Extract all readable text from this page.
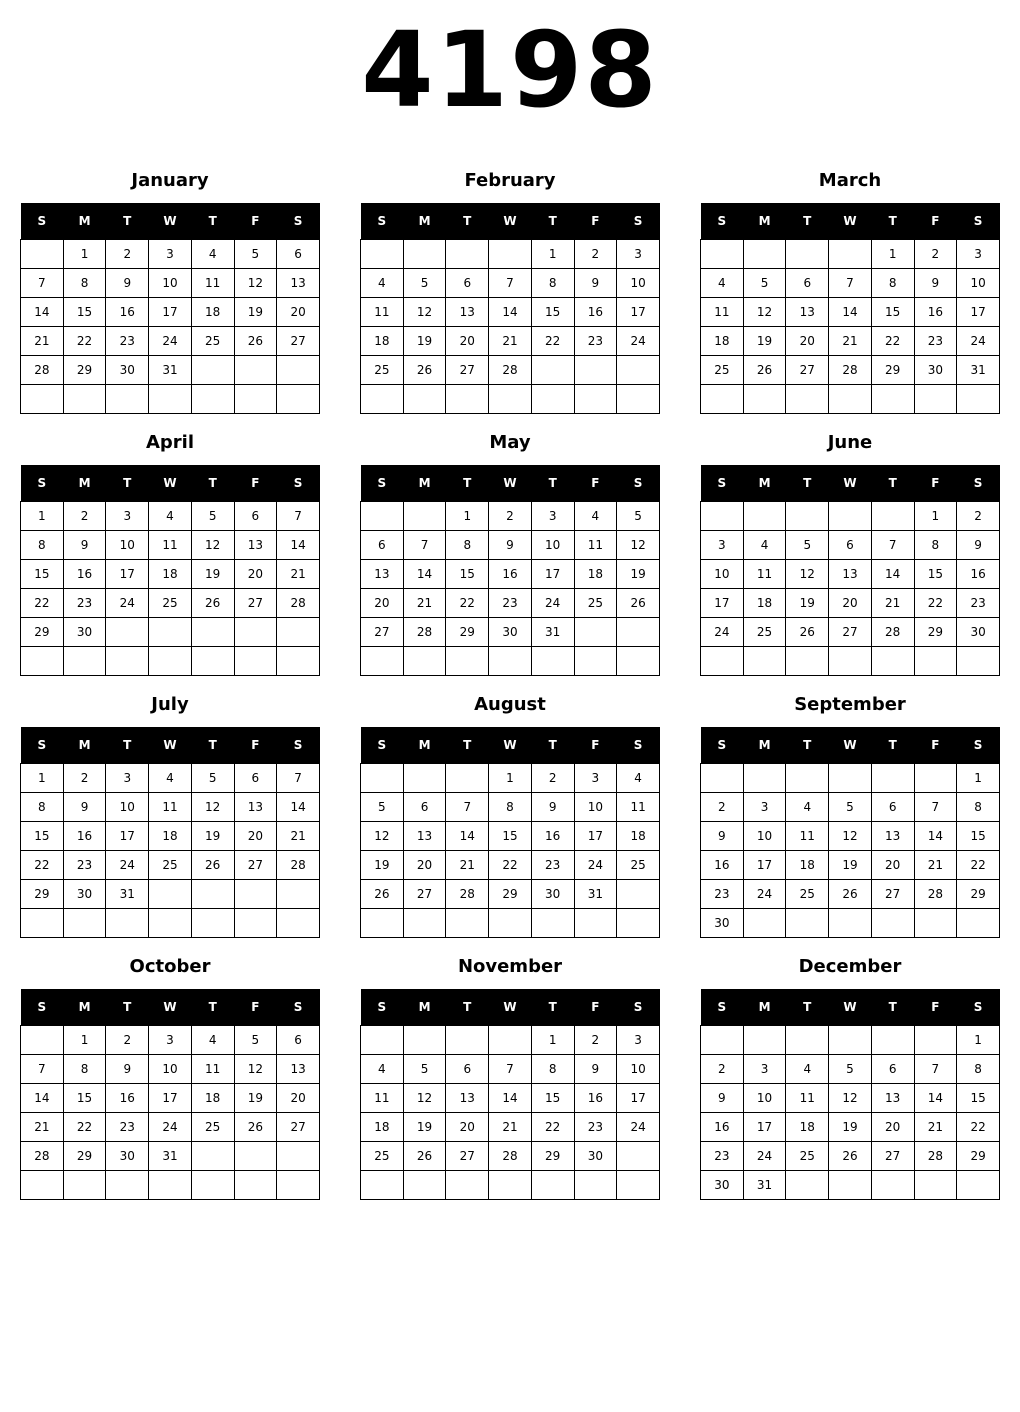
4198
January
S	M	T	W	T	F	S
	1	2	3	4	5	6
7	8	9	10	11	12	13
14	15	16	17	18	19	20
21	22	23	24	25	26	27
28	29	30	31			

February
S	M	T	W	T	F	S
				1	2	3
4	5	6	7	8	9	10
11	12	13	14	15	16	17
18	19	20	21	22	23	24
25	26	27	28			

March
S	M	T	W	T	F	S
				1	2	3
4	5	6	7	8	9	10
11	12	13	14	15	16	17
18	19	20	21	22	23	24
25	26	27	28	29	30	31

April
S	M	T	W	T	F	S
1	2	3	4	5	6	7
8	9	10	11	12	13	14
15	16	17	18	19	20	21
22	23	24	25	26	27	28
29	30					

May
S	M	T	W	T	F	S
		1	2	3	4	5
6	7	8	9	10	11	12
13	14	15	16	17	18	19
20	21	22	23	24	25	26
27	28	29	30	31		

June
S	M	T	W	T	F	S
					1	2
3	4	5	6	7	8	9
10	11	12	13	14	15	16
17	18	19	20	21	22	23
24	25	26	27	28	29	30

July
S	M	T	W	T	F	S
1	2	3	4	5	6	7
8	9	10	11	12	13	14
15	16	17	18	19	20	21
22	23	24	25	26	27	28
29	30	31				

August
S	M	T	W	T	F	S
			1	2	3	4
5	6	7	8	9	10	11
12	13	14	15	16	17	18
19	20	21	22	23	24	25
26	27	28	29	30	31	

September
S	M	T	W	T	F	S
						1
2	3	4	5	6	7	8
9	10	11	12	13	14	15
16	17	18	19	20	21	22
23	24	25	26	27	28	29
30						
October
S	M	T	W	T	F	S
	1	2	3	4	5	6
7	8	9	10	11	12	13
14	15	16	17	18	19	20
21	22	23	24	25	26	27
28	29	30	31			

November
S	M	T	W	T	F	S
				1	2	3
4	5	6	7	8	9	10
11	12	13	14	15	16	17
18	19	20	21	22	23	24
25	26	27	28	29	30	

December
S	M	T	W	T	F	S
						1
2	3	4	5	6	7	8
9	10	11	12	13	14	15
16	17	18	19	20	21	22
23	24	25	26	27	28	29
30	31					
